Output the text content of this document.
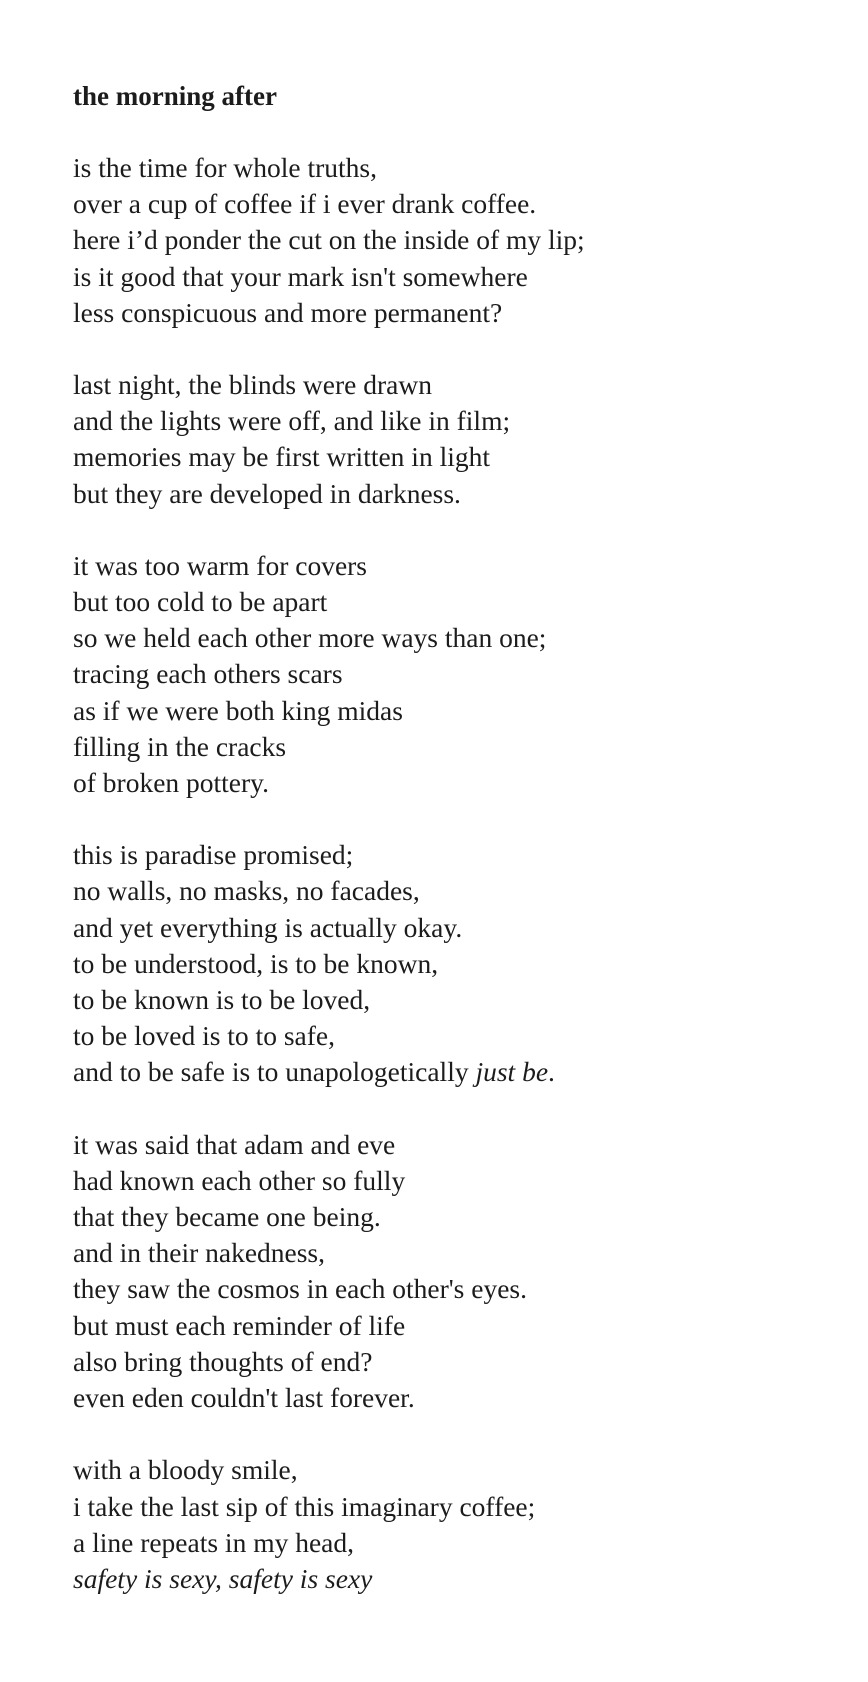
the morning after
is the time for whole truths,
over a cup of coffee if i ever drank coffee.
here i’d ponder the cut on the inside of my lip;
is it good that your mark isn't somewhere
less conspicuous and more permanent?
last night, the blinds were drawn
and the lights were off, and like in film;
memories may be first written in light
but they are developed in darkness.
it was too warm for covers
but too cold to be apart
so we held each other more ways than one;
tracing each others scars
as if we were both king midas
filling in the cracks
of broken pottery.
this is paradise promised;
no walls, no masks, no facades,
and yet everything is actually okay.
to be understood, is to be known,
to be known is to be loved,
to be loved is to to safe,
and to be safe is to unapologetically just be.
it was said that adam and eve
had known each other so fully
that they became one being.
and in their nakedness,
they saw the cosmos in each other's eyes.
but must each reminder of life
also bring thoughts of end?
even eden couldn't last forever.
with a bloody smile,
i take the last sip of this imaginary coffee;
a line repeats in my head,
safety is sexy, safety is sexy
